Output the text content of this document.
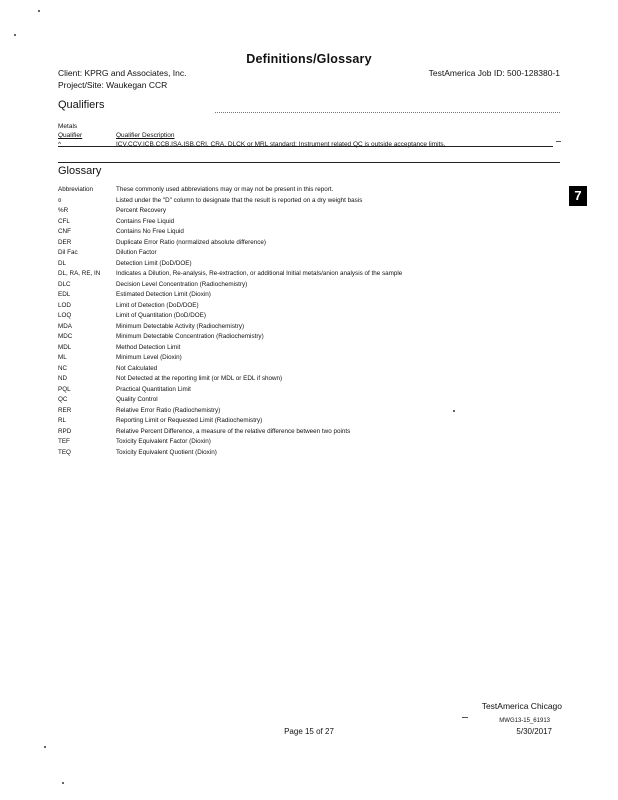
Definitions/Glossary
Client: KPRG and Associates, Inc.
Project/Site: Waukegan CCR
TestAmerica Job ID: 500-128380-1
Qualifiers
Metals
Qualifier	Qualifier Description
^	ICV,CCV,ICB,CCB,ISA,ISB,CRI, CRA, DLCK or MRL standard: Instrument related QC is outside acceptance limits.
Glossary
Abbreviation	These commonly used abbreviations may or may not be present in this report.
¤	Listed under the "D" column to designate that the result is reported on a dry weight basis
%R	Percent Recovery
CFL	Contains Free Liquid
CNF	Contains No Free Liquid
DER	Duplicate Error Ratio (normalized absolute difference)
Dil Fac	Dilution Factor
DL	Detection Limit (DoD/DOE)
DL, RA, RE, IN	Indicates a Dilution, Re-analysis, Re-extraction, or additional Initial metals/anion analysis of the sample
DLC	Decision Level Concentration (Radiochemistry)
EDL	Estimated Detection Limit (Dioxin)
LOD	Limit of Detection (DoD/DOE)
LOQ	Limit of Quantitation (DoD/DOE)
MDA	Minimum Detectable Activity (Radiochemistry)
MDC	Minimum Detectable Concentration (Radiochemistry)
MDL	Method Detection Limit
ML	Minimum Level (Dioxin)
NC	Not Calculated
ND	Not Detected at the reporting limit (or MDL or EDL if shown)
PQL	Practical Quantitation Limit
QC	Quality Control
RER	Relative Error Ratio (Radiochemistry)
RL	Reporting Limit or Requested Limit (Radiochemistry)
RPD	Relative Percent Difference, a measure of the relative difference between two points
TEF	Toxicity Equivalent Factor (Dioxin)
TEQ	Toxicity Equivalent Quotient (Dioxin)
7
TestAmerica Chicago
MWG13-15_61913
Page 15 of 27	5/30/2017
